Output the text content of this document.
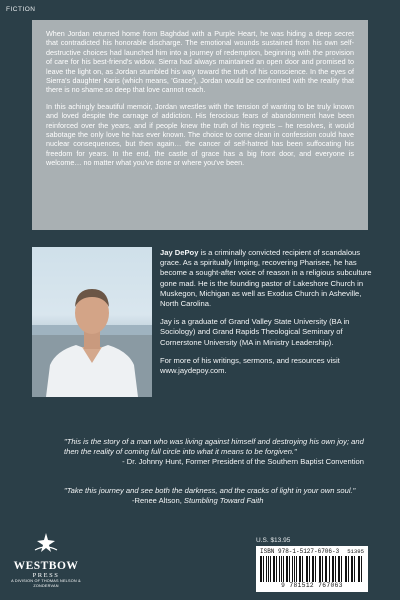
FICTION

When Jordan returned home from Baghdad with a Purple Heart, he was hiding a deep secret that contradicted his honorable discharge. The emotional wounds sustained from his own self-destructive choices had launched him into a journey of redemption, beginning with the provision of care for his best-friend's widow. Sierra had always maintained an open door and promised to leave the light on, as Jordan stumbled his way toward the truth of his conscience. In the eyes of Sierra's daughter Karis (which means, 'Grace'), Jordan would be confronted with the reality that there is no shame so deep that love cannot reach.

In this achingly beautiful memoir, Jordan wrestles with the tension of wanting to be truly known and loved despite the carnage of addiction. His ferocious fears of abandonment have been reinforced over the years, and if people knew the truth of his regrets – he resolves, it would sabotage the only love he has ever known. The choice to come clean in confession could have nuclear consequences, but then again… the cancer of self-hatred has been suffocating his freedom for years. In the end, the castle of grace has a big front door, and everyone is welcome… no matter what you've done or where you've been.

Jay DePoy is a criminally convicted recipient of scandalous grace. As a spiritually limping, recovering Pharisee, he has become a sought-after voice of reason in a religious subculture gone mad. He is the founding pastor of Lakeshore Church in Muskegon, Michigan as well as Exodus Church in Asheville, North Carolina.

Jay is a graduate of Grand Valley State University (BA in Sociology) and Grand Rapids Theological Seminary of Cornerstone University (MA in Ministry Leadership).

For more of his writings, sermons, and resources visit www.jaydepoy.com.

"This is the story of a man who was living against himself and destroying his own joy; and then the reality of coming full circle into what it means to be forgiven."
- Dr. Johnny Hunt, Former President of the Southern Baptist Convention
"Take this journey and see both the darkness, and the cracks of light in your own soul."
-Renee Altson, Stumbling Toward Faith
U.S. $13.95
ISBN 978-1-5127-6706-3	51395
9 781512 767063
WESTBOW
PRESS
A DIVISION OF THOMAS NELSON & ZONDERVAN
